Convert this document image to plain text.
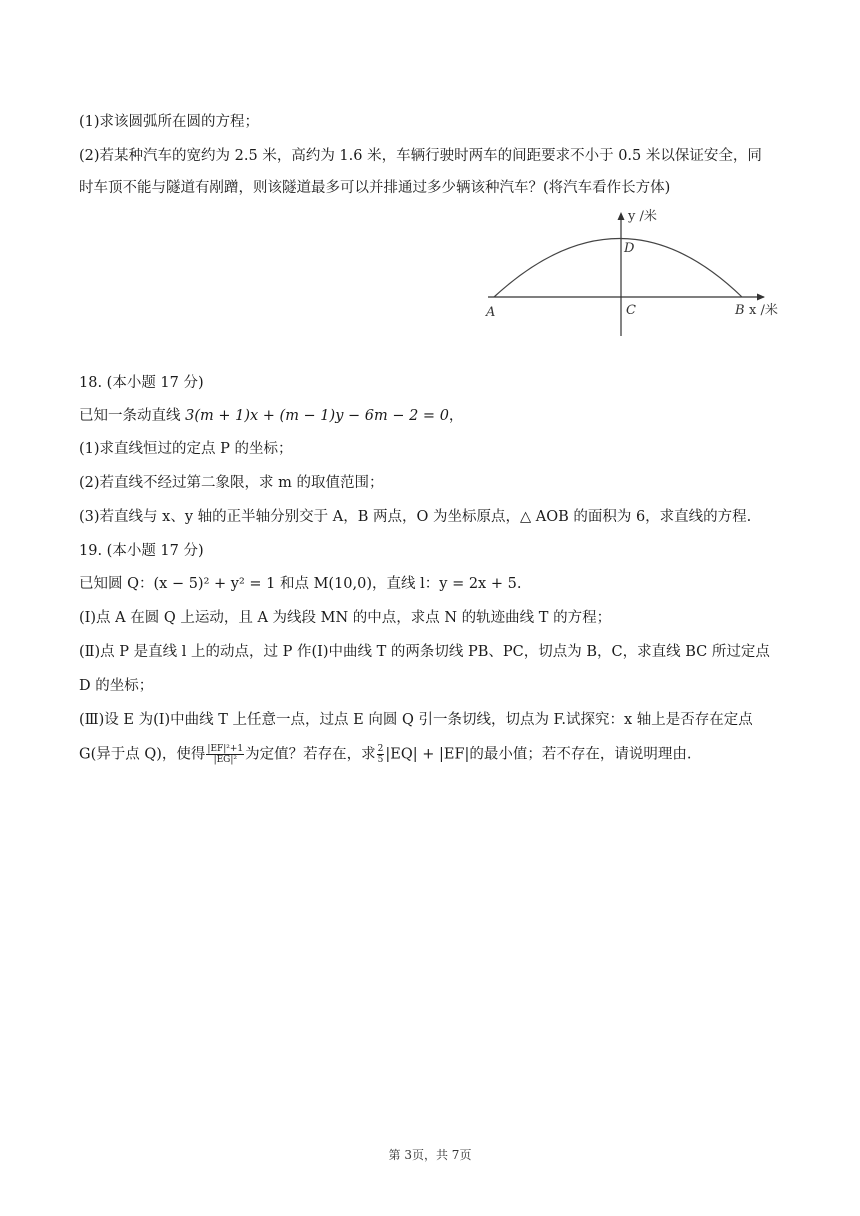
(1)求该圆弧所在圆的方程；
(2)若某种汽车的宽约为 2.5 米，高约为 1.6 米，车辆行驶时两车的间距要求不小于 0.5 米以保证安全，同
时车顶不能与隧道有剐蹭，则该隧道最多可以并排通过多少辆该种汽车？(将汽车看作长方体)
y /米
D
A	C	B x /米
18. (本小题 17 分)
已知一条动直线 3(m + 1)x + (m − 1)y − 6m − 2 = 0，
(1)求直线恒过的定点 P 的坐标；
(2)若直线不经过第二象限，求 m 的取值范围；
(3)若直线与 x、y 轴的正半轴分别交于 A，B 两点，O 为坐标原点，△ AOB 的面积为 6，求直线的方程.
19. (本小题 17 分)
已知圆 Q：(x − 5)² + y² = 1 和点 M(10,0)，直线 l：y = 2x + 5.
(Ⅰ)点 A 在圆 Q 上运动，且 A 为线段 MN 的中点，求点 N 的轨迹曲线 T 的方程；
(Ⅱ)点 P 是直线 l 上的动点，过 P 作(I)中曲线 T 的两条切线 PB、PC，切点为 B，C，求直线 BC 所过定点
D 的坐标；
(Ⅲ)设 E 为(Ⅰ)中曲线 T 上任意一点，过点 E 向圆 Q 引一条切线，切点为 F.试探究：x 轴上是否存在定点
G(异于点 Q)，使得 $\frac{\text{|EF|²+1}}{\text{|EG|²}}$ 为定值？若存在，求 $\frac{2}{5} |EQ| + |EF|$的最小值；若不存在，请说明理由.
第 3页，共 7页
